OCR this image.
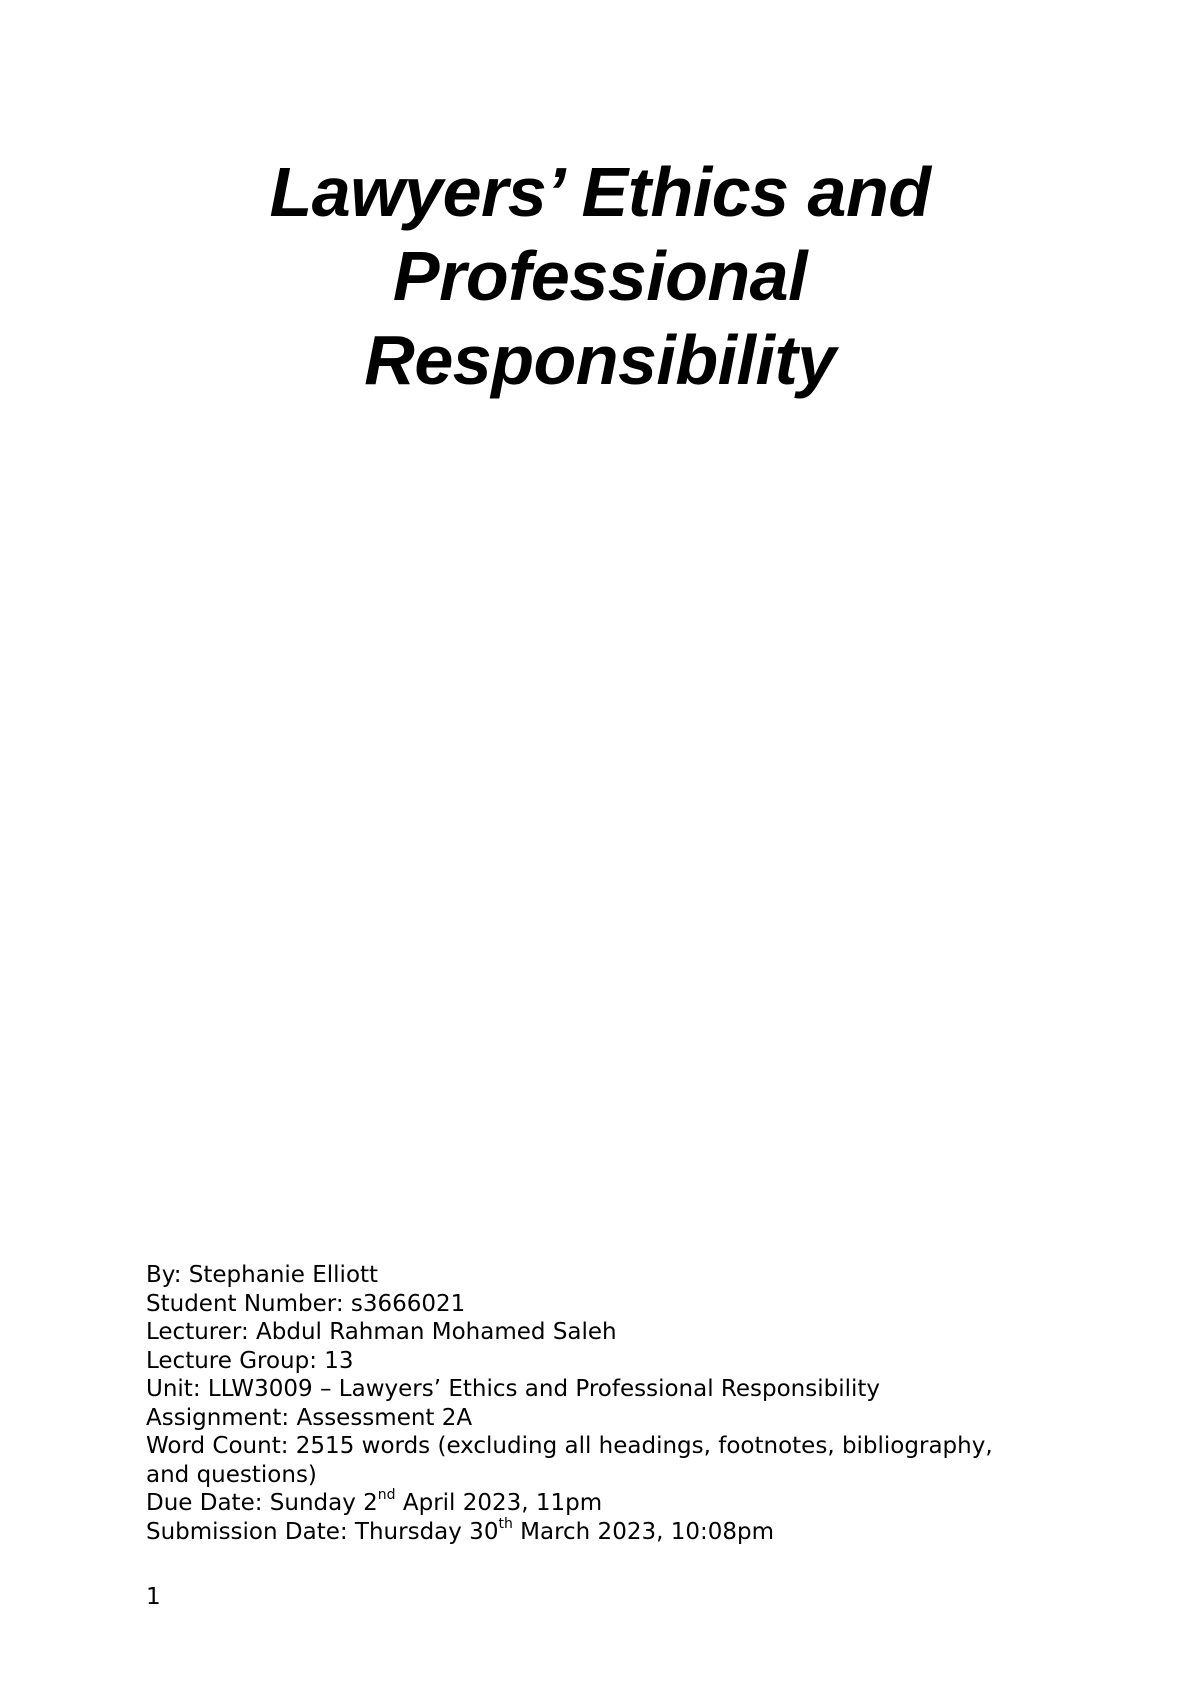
Lawyers’ Ethics and
Professional
Responsibility
By: Stephanie Elliott
Student Number: s3666021
Lecturer: Abdul Rahman Mohamed Saleh
Lecture Group: 13
Unit: LLW3009 – Lawyers’ Ethics and Professional Responsibility
Assignment: Assessment 2A
Word Count: 2515 words (excluding all headings, footnotes, bibliography,
and questions)
Due Date: Sunday 2nd April 2023, 11pm
Submission Date: Thursday 30th March 2023, 10:08pm
1
